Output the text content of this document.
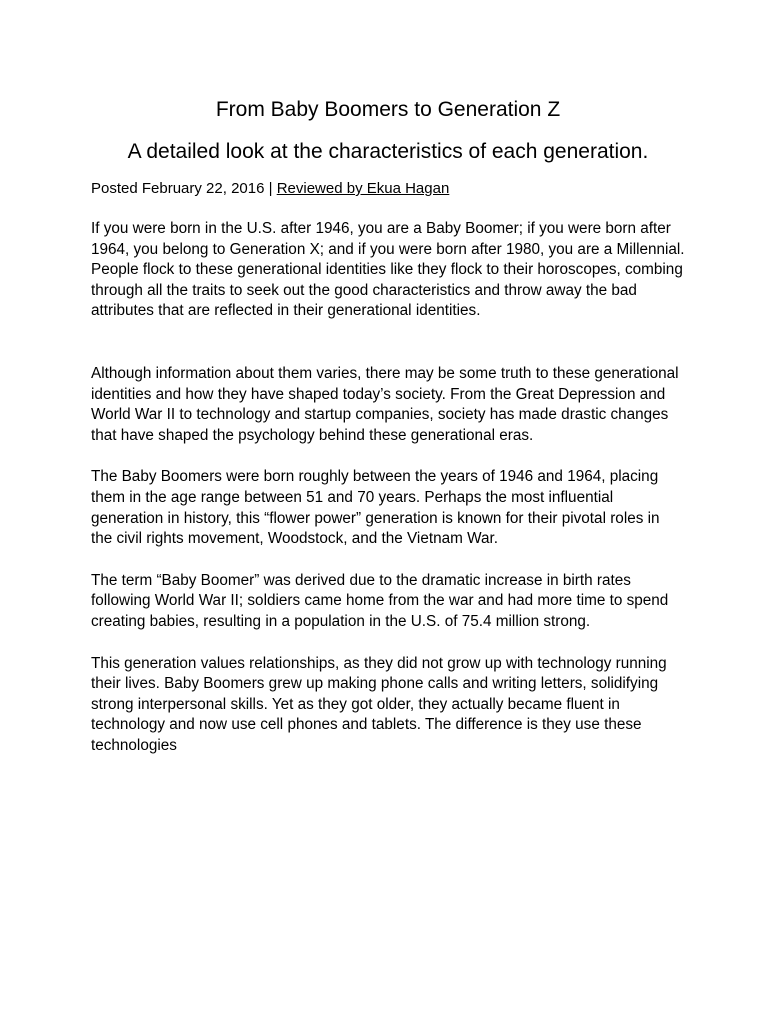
From Baby Boomers to Generation Z
A detailed look at the characteristics of each generation.
Posted February 22, 2016 | Reviewed by Ekua Hagan

If you were born in the U.S. after 1946, you are a Baby Boomer; if you were born after 1964, you belong to Generation X; and if you were born after 1980, you are a Millennial. People flock to these generational identities like they flock to their horoscopes, combing through all the traits to seek out the good characteristics and throw away the bad attributes that are reflected in their generational identities.

Although information about them varies, there may be some truth to these generational identities and how they have shaped today’s society. From the Great Depression and World War II to technology and startup companies, society has made drastic changes that have shaped the psychology behind these generational eras.

The Baby Boomers were born roughly between the years of 1946 and 1964, placing them in the age range between 51 and 70 years. Perhaps the most influential generation in history, this “flower power” generation is known for their pivotal roles in the civil rights movement, Woodstock, and the Vietnam War.

The term “Baby Boomer” was derived due to the dramatic increase in birth rates following World War II; soldiers came home from the war and had more time to spend creating babies, resulting in a population in the U.S. of 75.4 million strong.

This generation values relationships, as they did not grow up with technology running their lives. Baby Boomers grew up making phone calls and writing letters, solidifying strong interpersonal skills. Yet as they got older, they actually became fluent in technology and now use cell phones and tablets. The difference is they use these technologies
